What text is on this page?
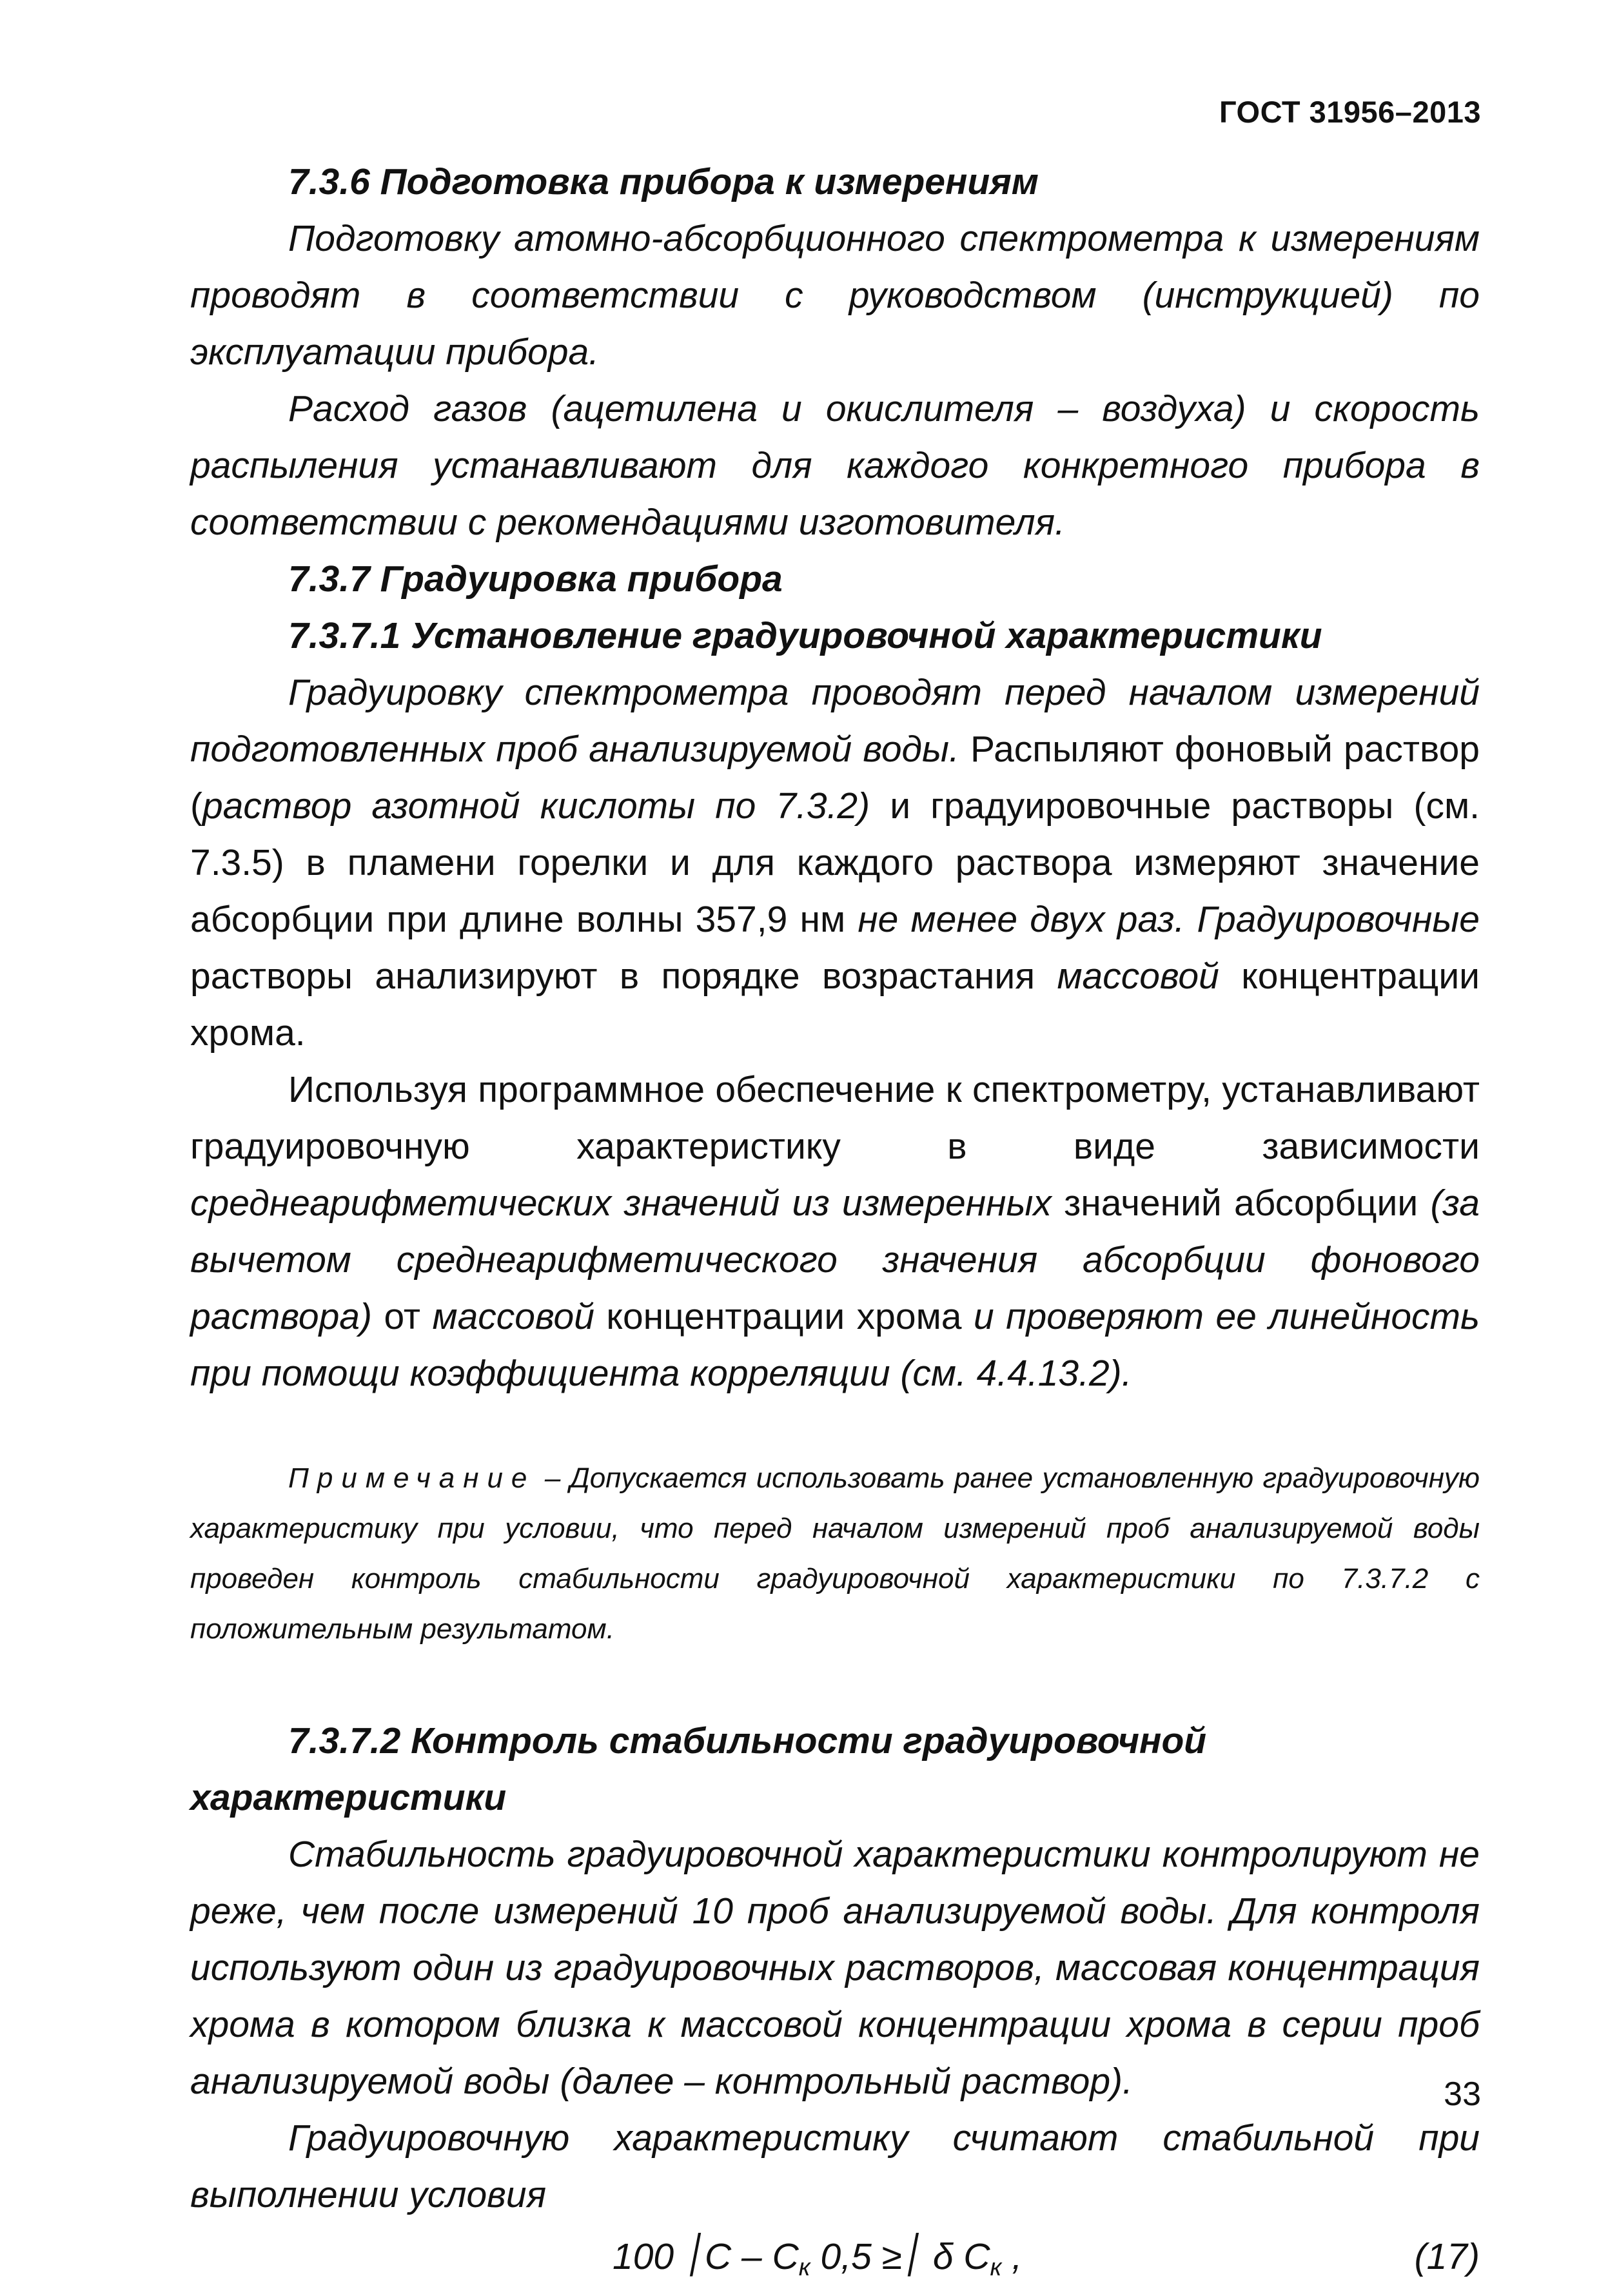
ГОСТ 31956–2013

7.3.6 Подготовка прибора к измерениям

Подготовку атомно-абсорбционного спектрометра к измерениям проводят в соответствии с руководством (инструкцией) по эксплуатации прибора.

Расход газов (ацетилена и окислителя – воздуха) и скорость распыления устанавливают для каждого конкретного прибора в соответствии с рекомендациями изготовителя.

7.3.7 Градуировка прибора

7.3.7.1 Установление градуировочной характеристики

Градуировку спектрометра проводят перед началом измерений подготовленных проб анализируемой воды. Распыляют фоновый раствор (раствор азотной кислоты по 7.3.2) и градуировочные растворы (см. 7.3.5) в пламени горелки и для каждого раствора измеряют значение абсорбции при длине волны 357,9 нм не менее двух раз. Градуировочные растворы анализируют в порядке возрастания массовой концентрации хрома.

Используя программное обеспечение к спектрометру, устанавливают градуировочную характеристику в виде зависимости среднеарифметических значений из измеренных значений абсорбции (за вычетом среднеарифметического значения абсорбции фонового раствора) от массовой концентрации хрома и проверяют ее линейность при помощи коэффициента корреляции (см. 4.4.13.2).

Примечание – Допускается использовать ранее установленную градуировочную характеристику при условии, что перед началом измерений проб анализируемой воды проведен контроль стабильности градуировочной характеристики по 7.3.7.2 с положительным результатом.

7.3.7.2 Контроль стабильности градуировочной характеристики

Стабильность градуировочной характеристики контролируют не реже, чем после измерений 10 проб анализируемой воды. Для контроля используют один из градуировочных растворов, массовая концентрация хрома в котором близка к массовой концентрации хрома в серии проб анализируемой воды (далее – контрольный раствор).

Градуировочную характеристику считают стабильной при выполнении условия

100 ׀С – $С_к$ ׀≤ 0,5 δ $С_к$ ,	(17)
33
